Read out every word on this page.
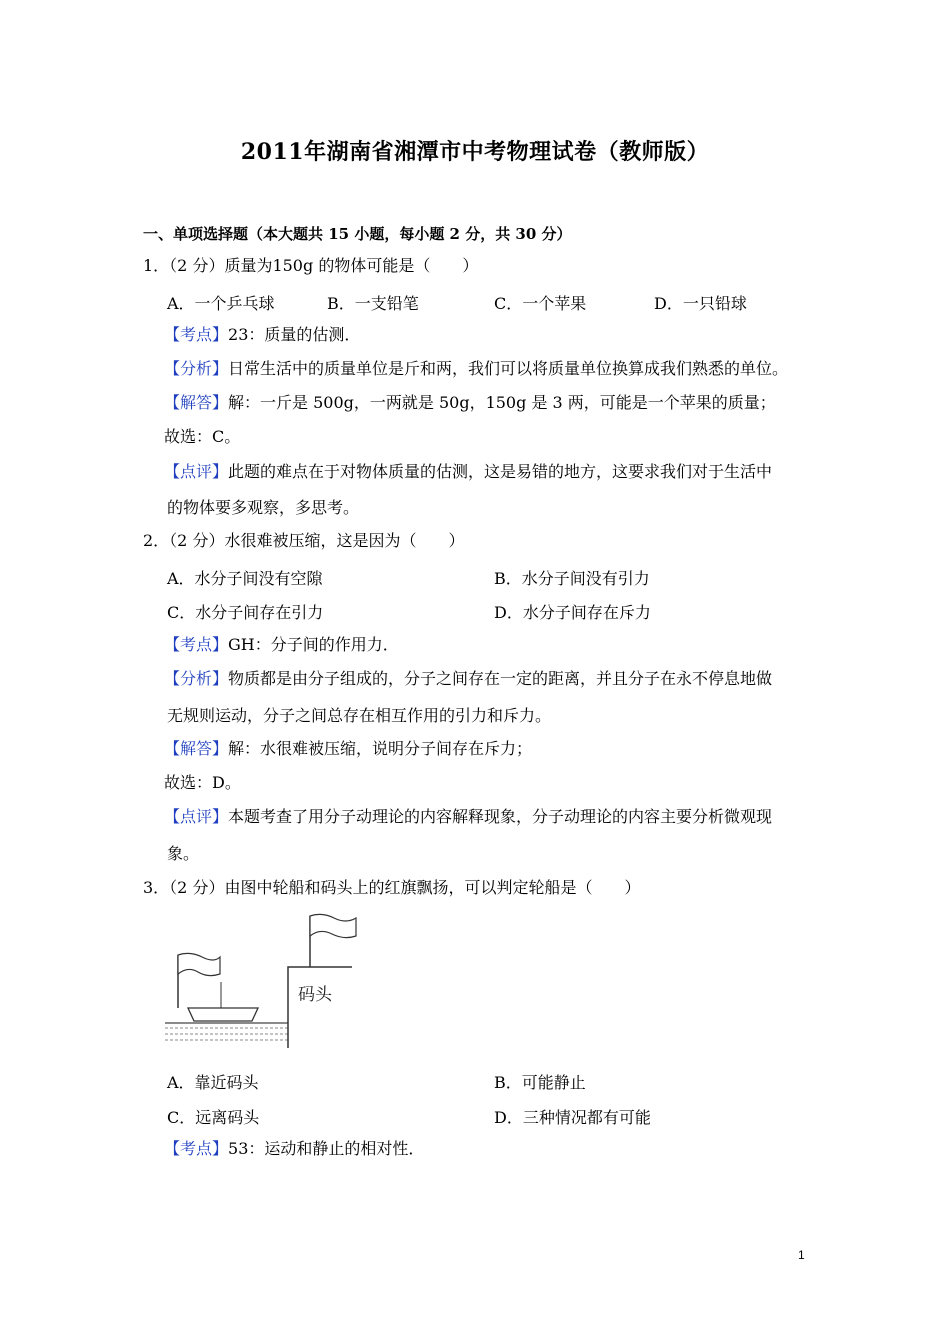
2011年湖南省湘潭市中考物理试卷（教师版）
一、单项选择题（本大题共 15 小题，每小题 2 分，共 30 分）
1．（2 分）质量为150g 的物体可能是（　　）
A．一个乒乓球	B．一支铅笔	C．一个苹果	D．一只铅球
【考点】23：质量的估测．
【分析】日常生活中的质量单位是斤和两，我们可以将质量单位换算成我们熟悉的单位。
【解答】解：一斤是 500g，一两就是 50g，150g 是 3 两，可能是一个苹果的质量；
故选：C。
【点评】此题的难点在于对物体质量的估测，这是易错的地方，这要求我们对于生活中
的物体要多观察，多思考。
2．（2 分）水很难被压缩，这是因为（　　）
A．水分子间没有空隙	B．水分子间没有引力
C．水分子间存在引力	D．水分子间存在斥力
【考点】GH：分子间的作用力．
【分析】物质都是由分子组成的，分子之间存在一定的距离，并且分子在永不停息地做
无规则运动，分子之间总存在相互作用的引力和斥力。
【解答】解：水很难被压缩，说明分子间存在斥力；
故选：D。
【点评】本题考查了用分子动理论的内容解释现象，分子动理论的内容主要分析微观现
象。
3．（2 分）由图中轮船和码头上的红旗飘扬，可以判定轮船是（　　）
码头
A．靠近码头	B．可能静止
C．远离码头	D．三种情况都有可能
【考点】53：运动和静止的相对性．
1
